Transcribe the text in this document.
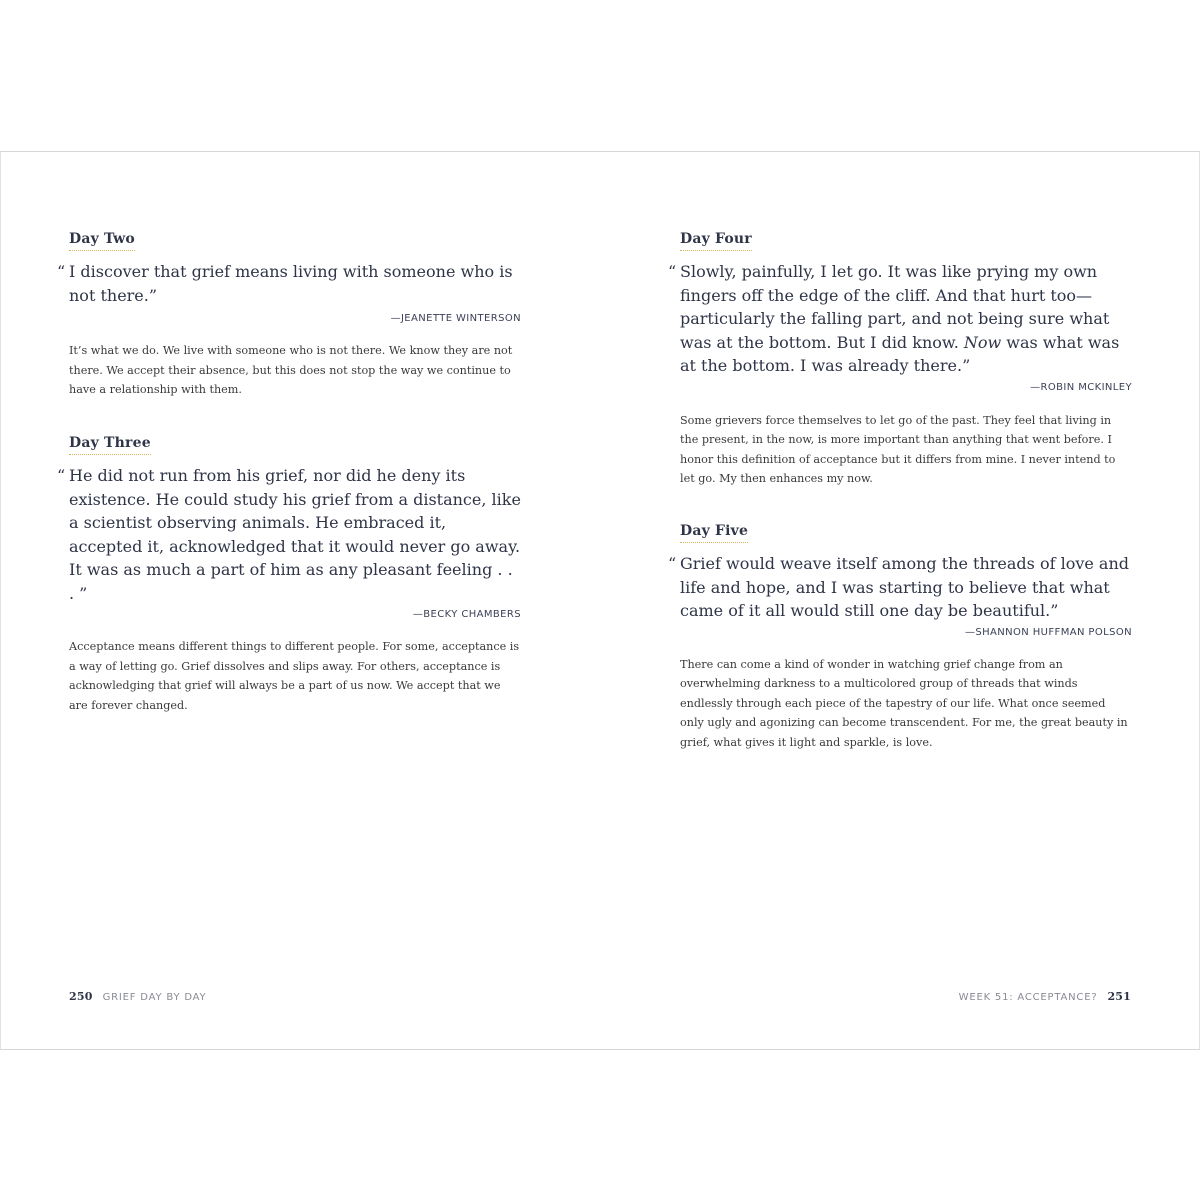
Day Two
“ I discover that grief means living with someone who is not there.”
—JEANETTE WINTERSON
It’s what we do. We live with someone who is not there. We know they are not there. We accept their absence, but this does not stop the way we continue to have a relationship with them.
Day Three
“ He did not run from his grief, nor did he deny its existence. He could study his grief from a distance, like a scientist observing animals. He embraced it, accepted it, acknowledged that it would never go away. It was as much a part of him as any pleasant feeling . . . ”
—BECKY CHAMBERS
Acceptance means different things to different people. For some, acceptance is a way of letting go. Grief dissolves and slips away. For others, acceptance is acknowledging that grief will always be a part of us now. We accept that we are forever changed.
Day Four
“ Slowly, painfully, I let go. It was like prying my own fingers off the edge of the cliff. And that hurt too—particularly the falling part, and not being sure what was at the bottom. But I did know. Now was what was at the bottom. I was already there.”
—ROBIN MCKINLEY
Some grievers force themselves to let go of the past. They feel that living in the present, in the now, is more important than anything that went before. I honor this definition of acceptance but it differs from mine. I never intend to let go. My then enhances my now.
Day Five
“ Grief would weave itself among the threads of love and life and hope, and I was starting to believe that what came of it all would still one day be beautiful.”
—SHANNON HUFFMAN POLSON
There can come a kind of wonder in watching grief change from an overwhelming darkness to a multicolored group of threads that winds endlessly through each piece of the tapestry of our life. What once seemed only ugly and agonizing can become transcendent. For me, the great beauty in grief, what gives it light and sparkle, is love.
250 GRIEF DAY BY DAY	WEEK 51: ACCEPTANCE? 251
